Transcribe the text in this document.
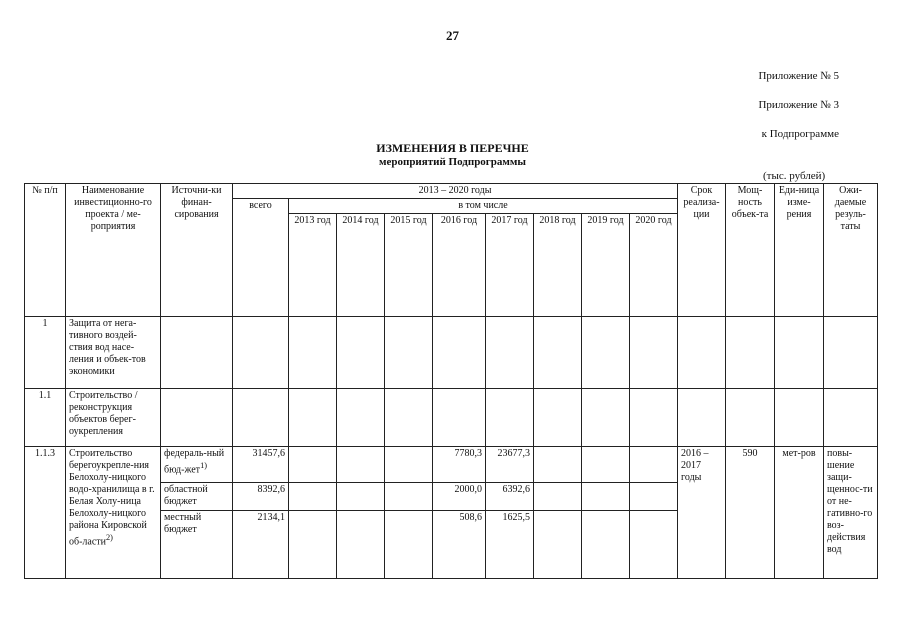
27
Приложение № 5
Приложение № 3
к Подпрограмме
ИЗМЕНЕНИЯ В ПЕРЕЧНЕ
мероприятий Подпрограммы
(тыс. рублей)
№ п/п	Наименование инвестиционно-го проекта / ме-роприятия	Источни-ки финан-сирования	2013 – 2020 годы									Срок реализа-ции	Мощ-ность объек-та	Еди-ница изме-рения	Ожи-даемые резуль-таты
			всего	в том числе											
				2013 год	2014 год	2015 год	2016 год	2017 год	2018 год	2019 год	2020 год				
1	Защита от нега-тивного воздей-ствия вод насе-ления и объек-тов экономики														
1.1	Строительство / реконструкция объектов берег-оукрепления														
1.1.3	Строительство берегоукрепле-ния Белохолу-ницкого водо-хранилища в г. Белая Холу-ница Белохолу-ницкого района Кировской об-ласти$^{2)}$	федераль-ный бюд-жет$^{1)}$	31457,6				7780,3	23677,3				2016 – 2017 годы	590	мет-ров	повы-шение защи-щеннос-ти от не-гативно-го воз-действия вод
		областной бюджет	8392,6				2000,0	6392,6							
		местный бюджет	2134,1				508,6	1625,5							
